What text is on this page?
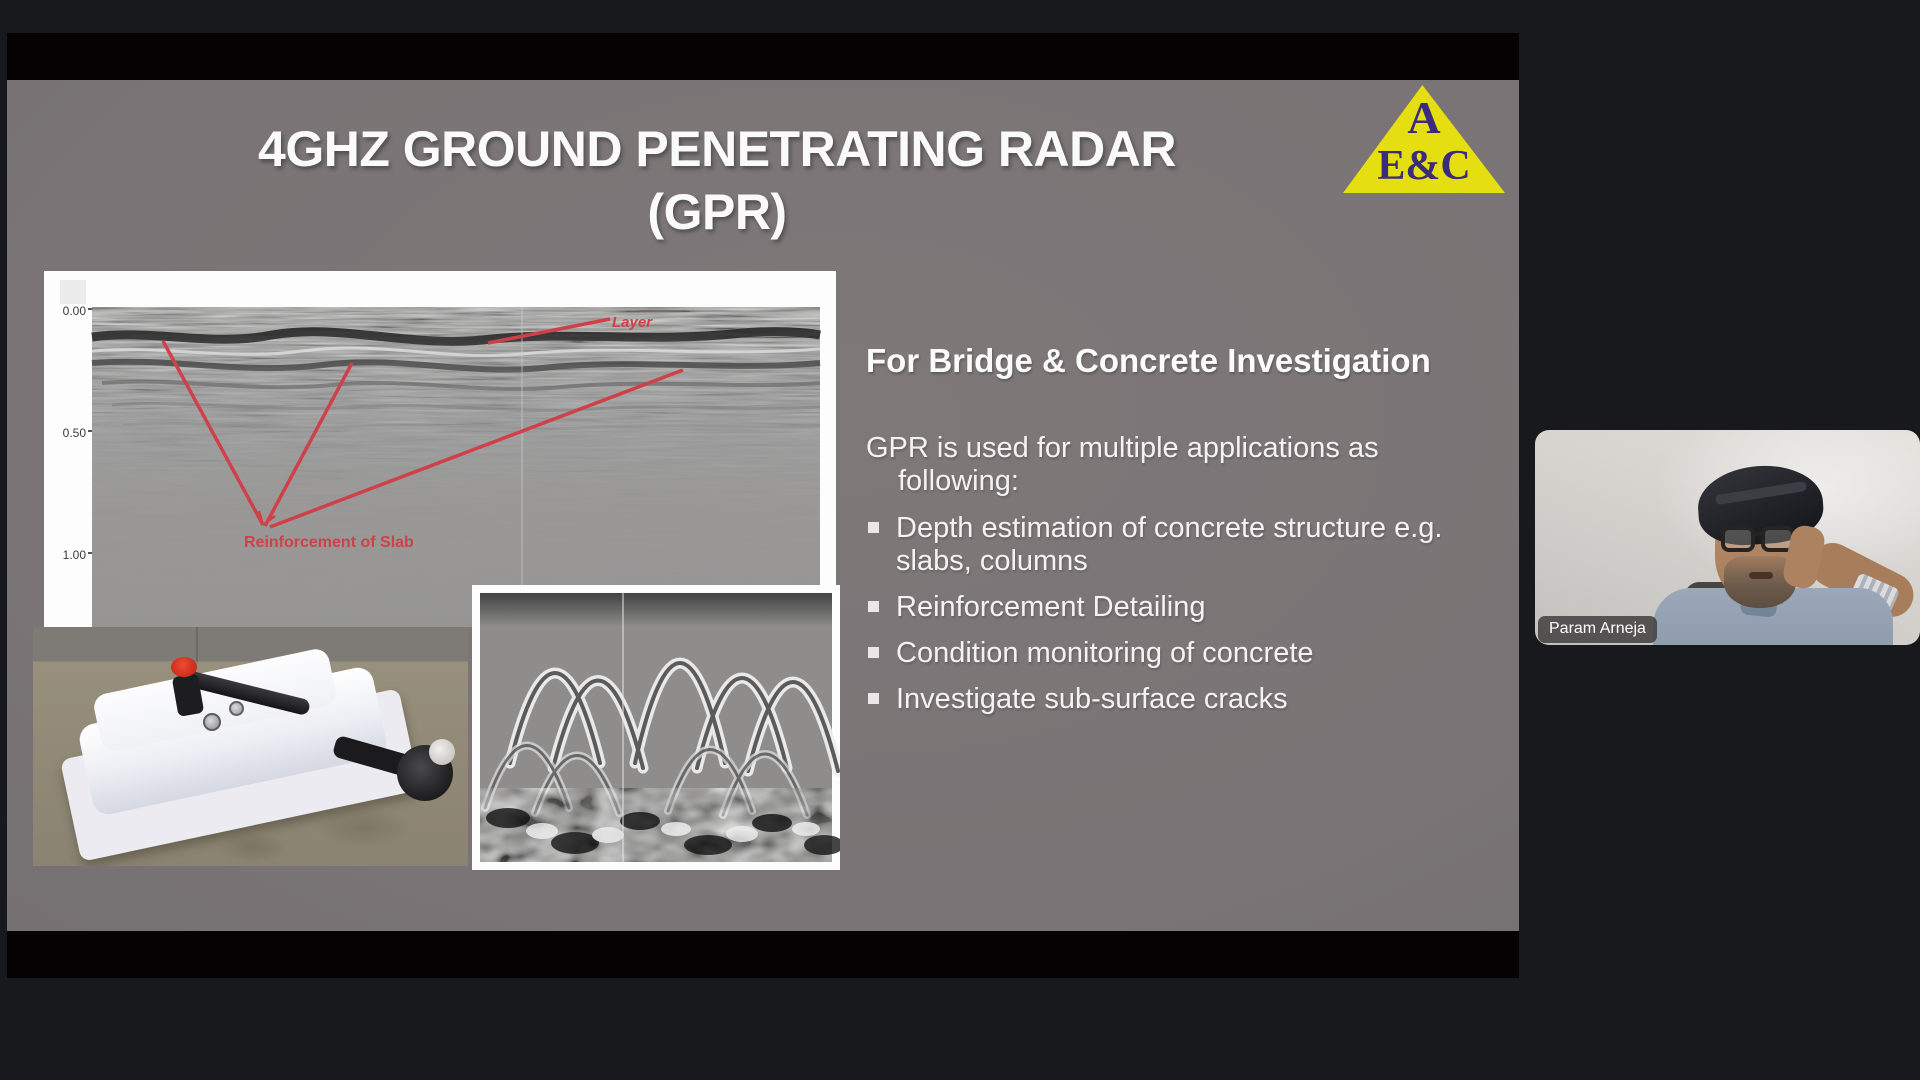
4GHZ GROUND PENETRATING RADAR
(GPR)
A
E&C
0.00
0.50
1.00
Layer
Reinforcement of Slab
For Bridge & Concrete Investigation
GPR is used for multiple applications as following:
Depth estimation of concrete structure e.g. slabs, columns
Reinforcement Detailing
Condition monitoring of concrete
Investigate sub-surface cracks
Param Arneja
